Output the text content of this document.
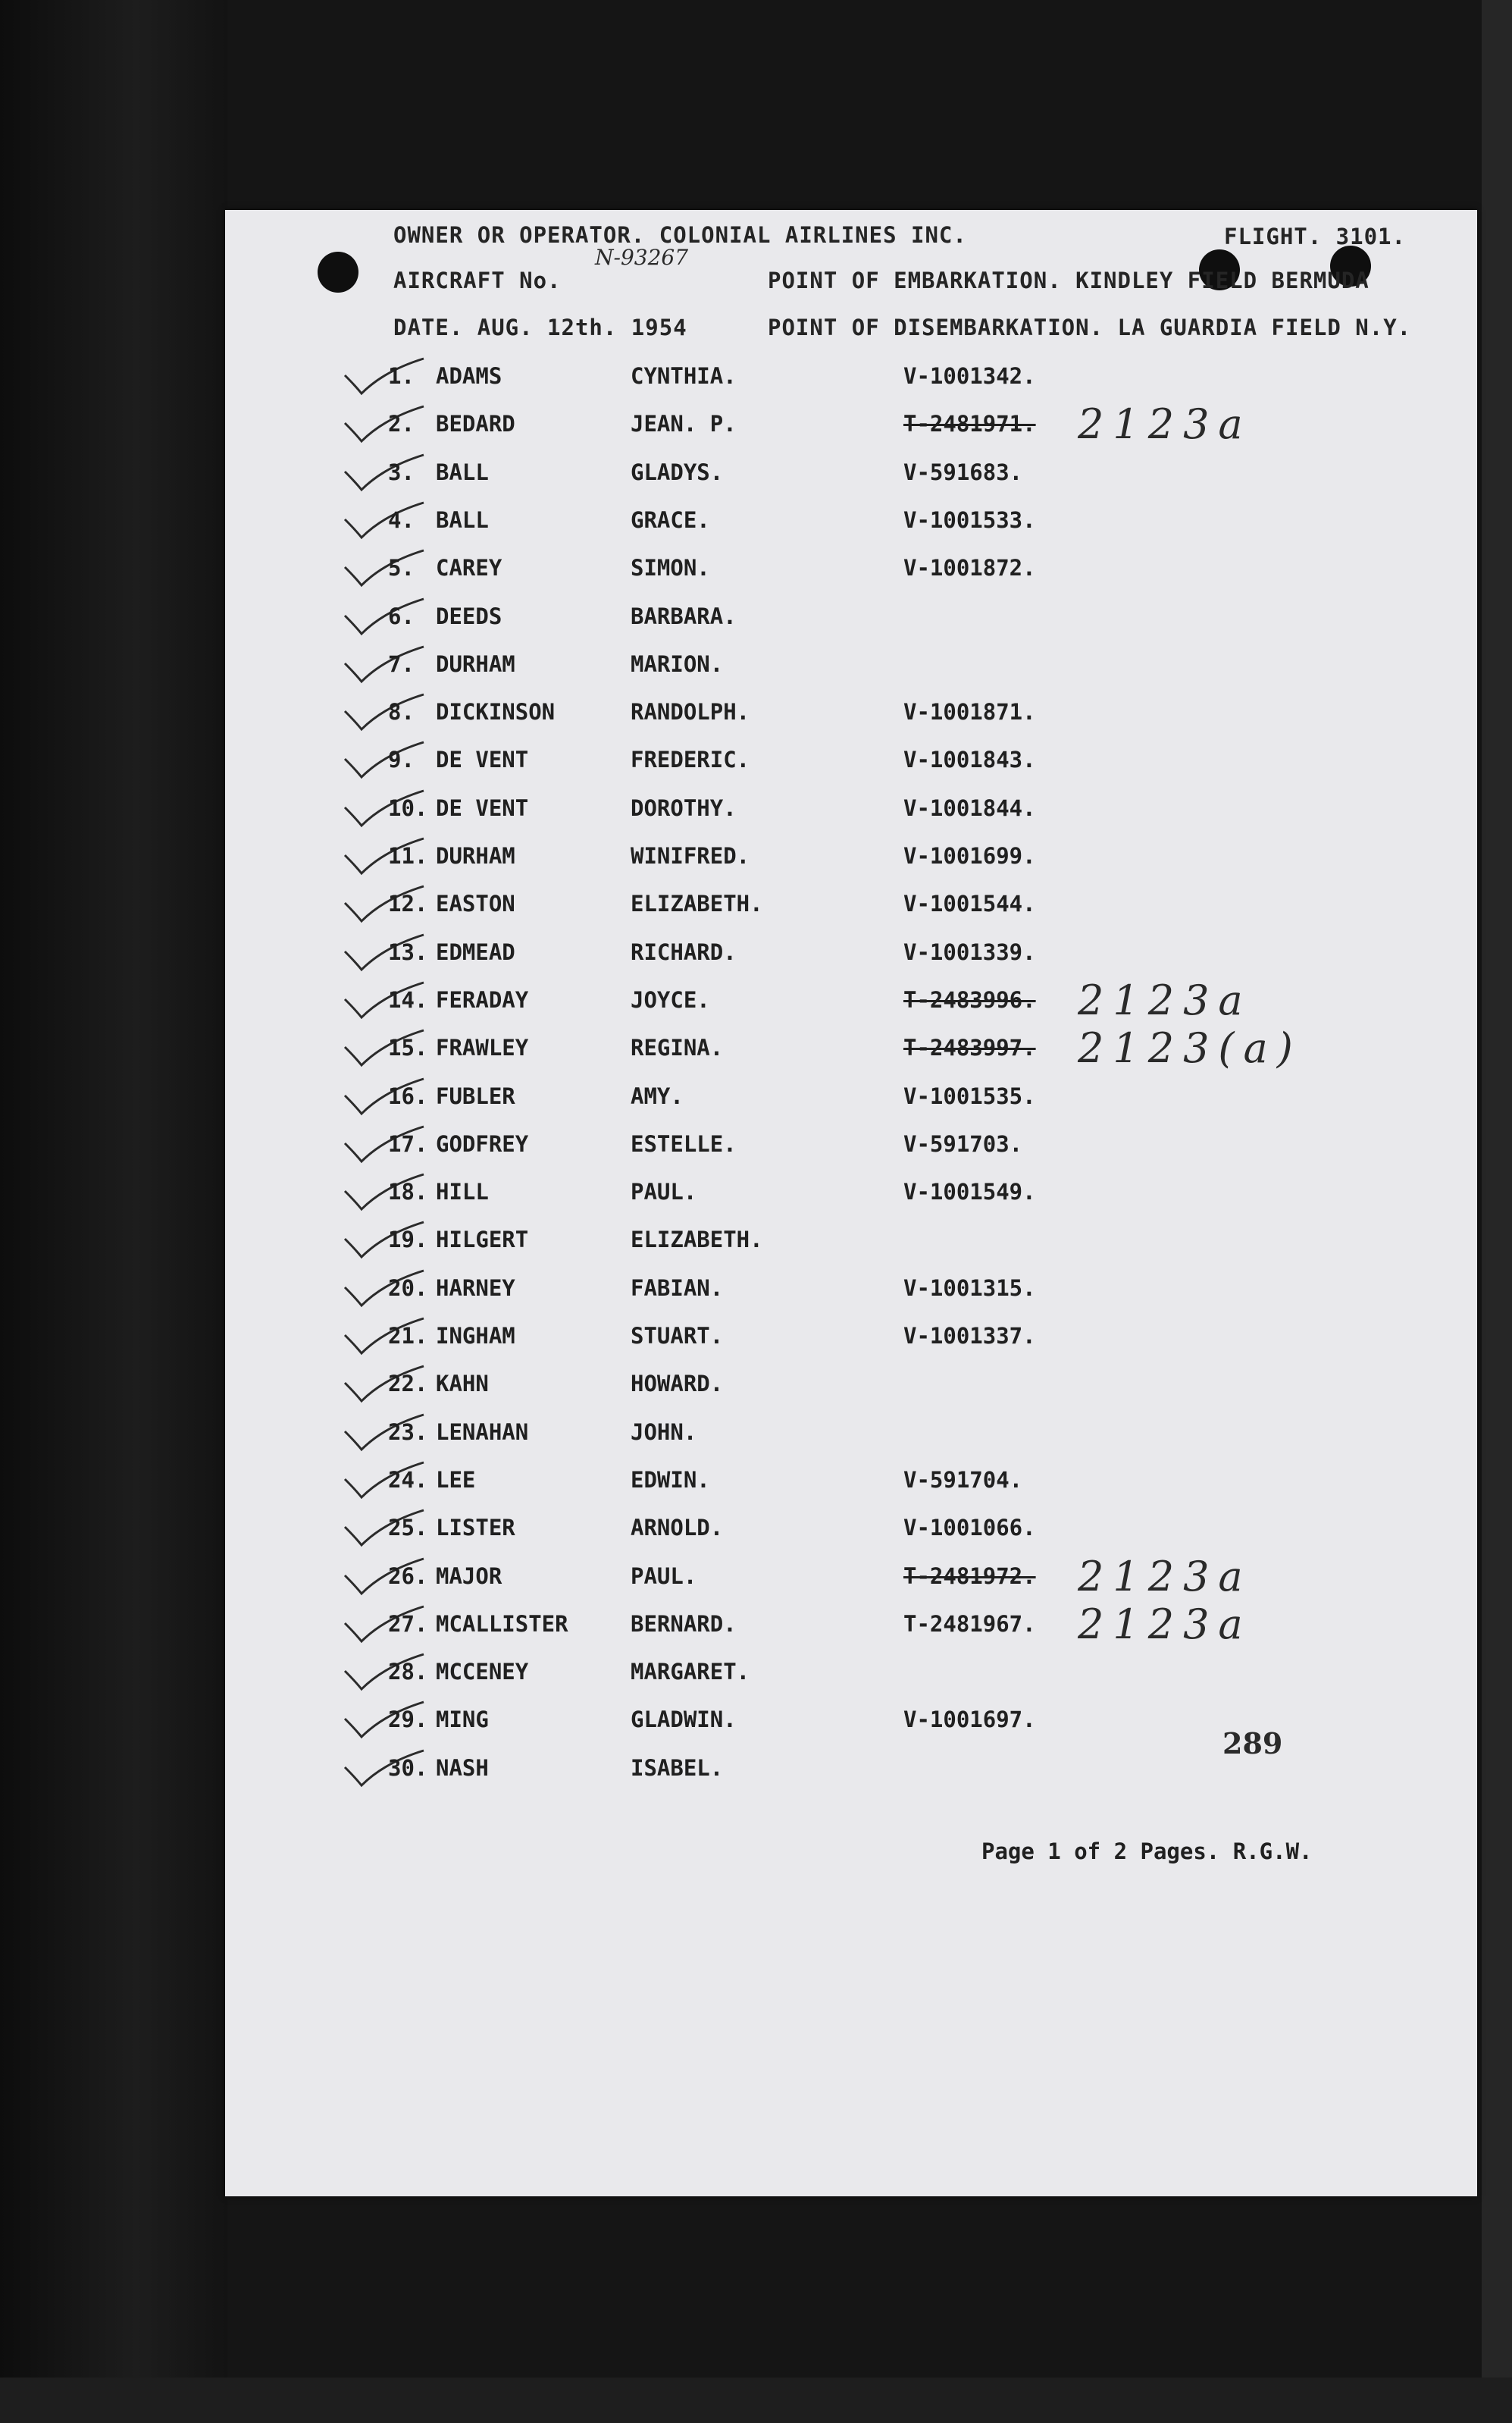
OWNER OR OPERATOR. COLONIAL AIRLINES INC.	FLIGHT. 3101.
AIRCRAFT No.
N-93267
POINT OF EMBARKATION. KINDLEY FIELD BERMUDA
DATE. AUG. 12th. 1954	POINT OF DISEMBARKATION. LA GUARDIA FIELD N.Y.
1. ADAMS	CYNTHIA.	V-1001342.
2. BEDARD	JEAN. P.	T-2481971. 2123a
3. BALL	GLADYS.	V-591683.
4. BALL	GRACE.	V-1001533.
5. CAREY	SIMON.	V-1001872.
6. DEEDS	BARBARA.
7. DURHAM	MARION.
8. DICKINSON	RANDOLPH.	V-1001871.
9. DE VENT	FREDERIC.	V-1001843.
10. DE VENT	DOROTHY.	V-1001844.
11. DURHAM	WINIFRED.	V-1001699.
12. EASTON	ELIZABETH.	V-1001544.
13. EDMEAD	RICHARD.	V-1001339.
14. FERADAY	JOYCE.	T-2483996. 2123a
15. FRAWLEY	REGINA.	T-2483997. 2123(a)
16. FUBLER	AMY.	V-1001535.
17. GODFREY	ESTELLE.	V-591703.
18. HILL	PAUL.	V-1001549.
19. HILGERT	ELIZABETH.
20. HARNEY	FABIAN.	V-1001315.
21. INGHAM	STUART.	V-1001337.
22. KAHN	HOWARD.
23. LENAHAN	JOHN.
24. LEE	EDWIN.	V-591704.
25. LISTER	ARNOLD.	V-1001066.
26. MAJOR	PAUL.	T-2481972. 2123a
27. MCALLISTER	BERNARD.	T-2481967. 2123a
28. MCCENEY	MARGARET.
29. MING	GLADWIN.	V-1001697.
30. NASH	ISABEL.
289
Page 1 of 2 Pages. R.G.W.
